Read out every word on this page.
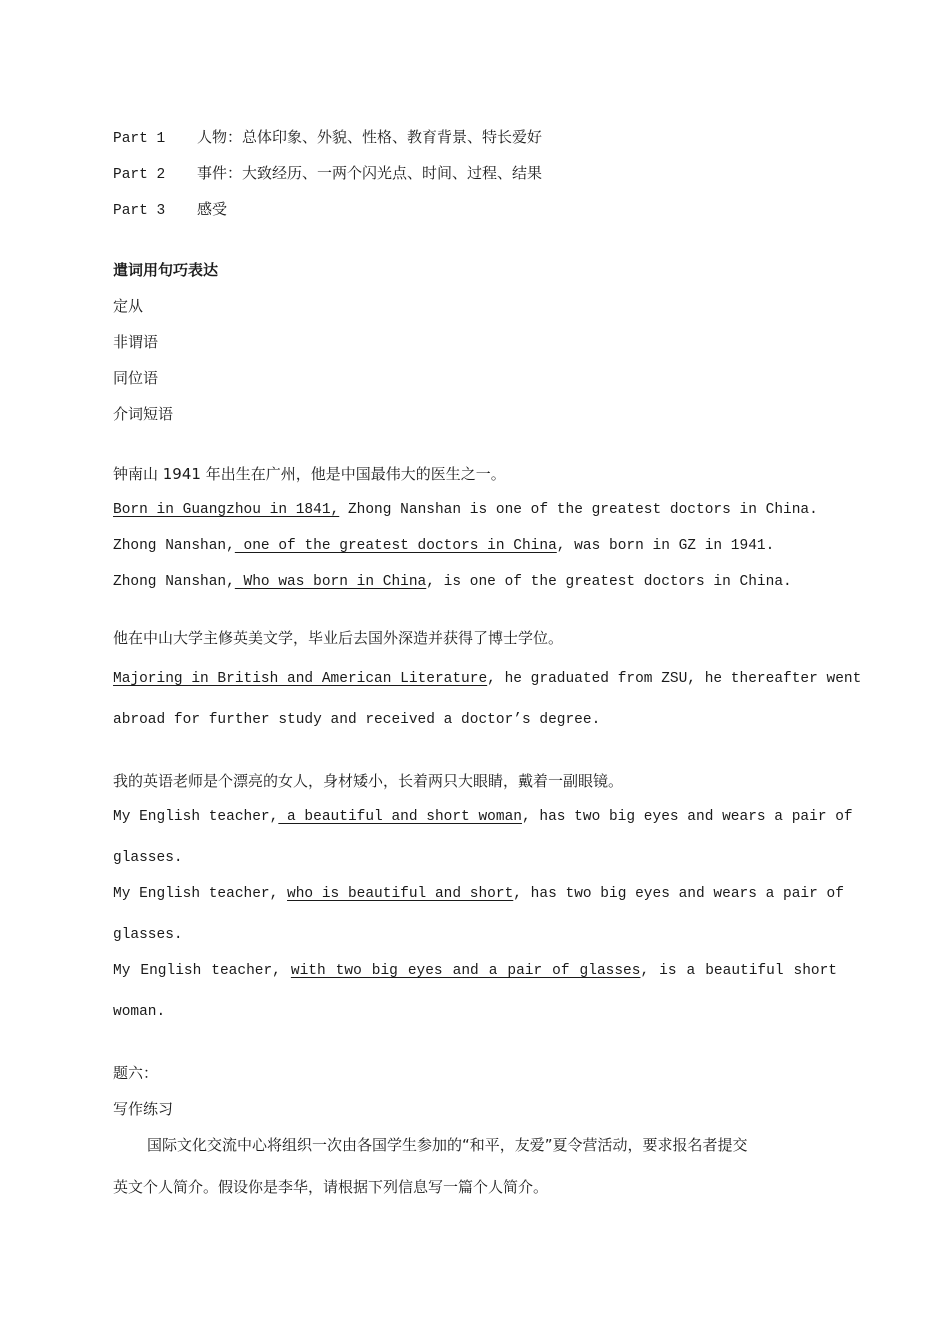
Part 1 人物：总体印象、外貌、性格、教育背景、特长爱好
Part 2 事件：大致经历、一两个闪光点、时间、过程、结果
Part 3 感受
遣词用句巧表达
定从
非谓语
同位语
介词短语
钟南山 1941 年出生在广州，他是中国最伟大的医生之一。
Born in Guangzhou in 1841, Zhong Nanshan is one of the greatest doctors in China.
Zhong Nanshan, one of the greatest doctors in China, was born in GZ in 1941.
Zhong Nanshan, Who was born in China, is one of the greatest doctors in China.
他在中山大学主修英美文学，毕业后去国外深造并获得了博士学位。
Majoring in British and American Literature, he graduated from ZSU, he thereafter went
abroad for further study and received a doctor’s degree.
我的英语老师是个漂亮的女人，身材矮小，长着两只大眼睛，戴着一副眼镜。
My English teacher, a beautiful and short woman, has two big eyes and wears a pair of
glasses.
My English teacher, who is beautiful and short, has two big eyes and wears a pair of
glasses.
My English teacher, with two big eyes and a pair of glasses, is a beautiful short
woman.
题六：
写作练习
国际文化交流中心将组织一次由各国学生参加的“和平，友爱”夏令营活动，要求报名者提交
英文个人简介。假设你是李华，请根据下列信息写一篇个人简介。
